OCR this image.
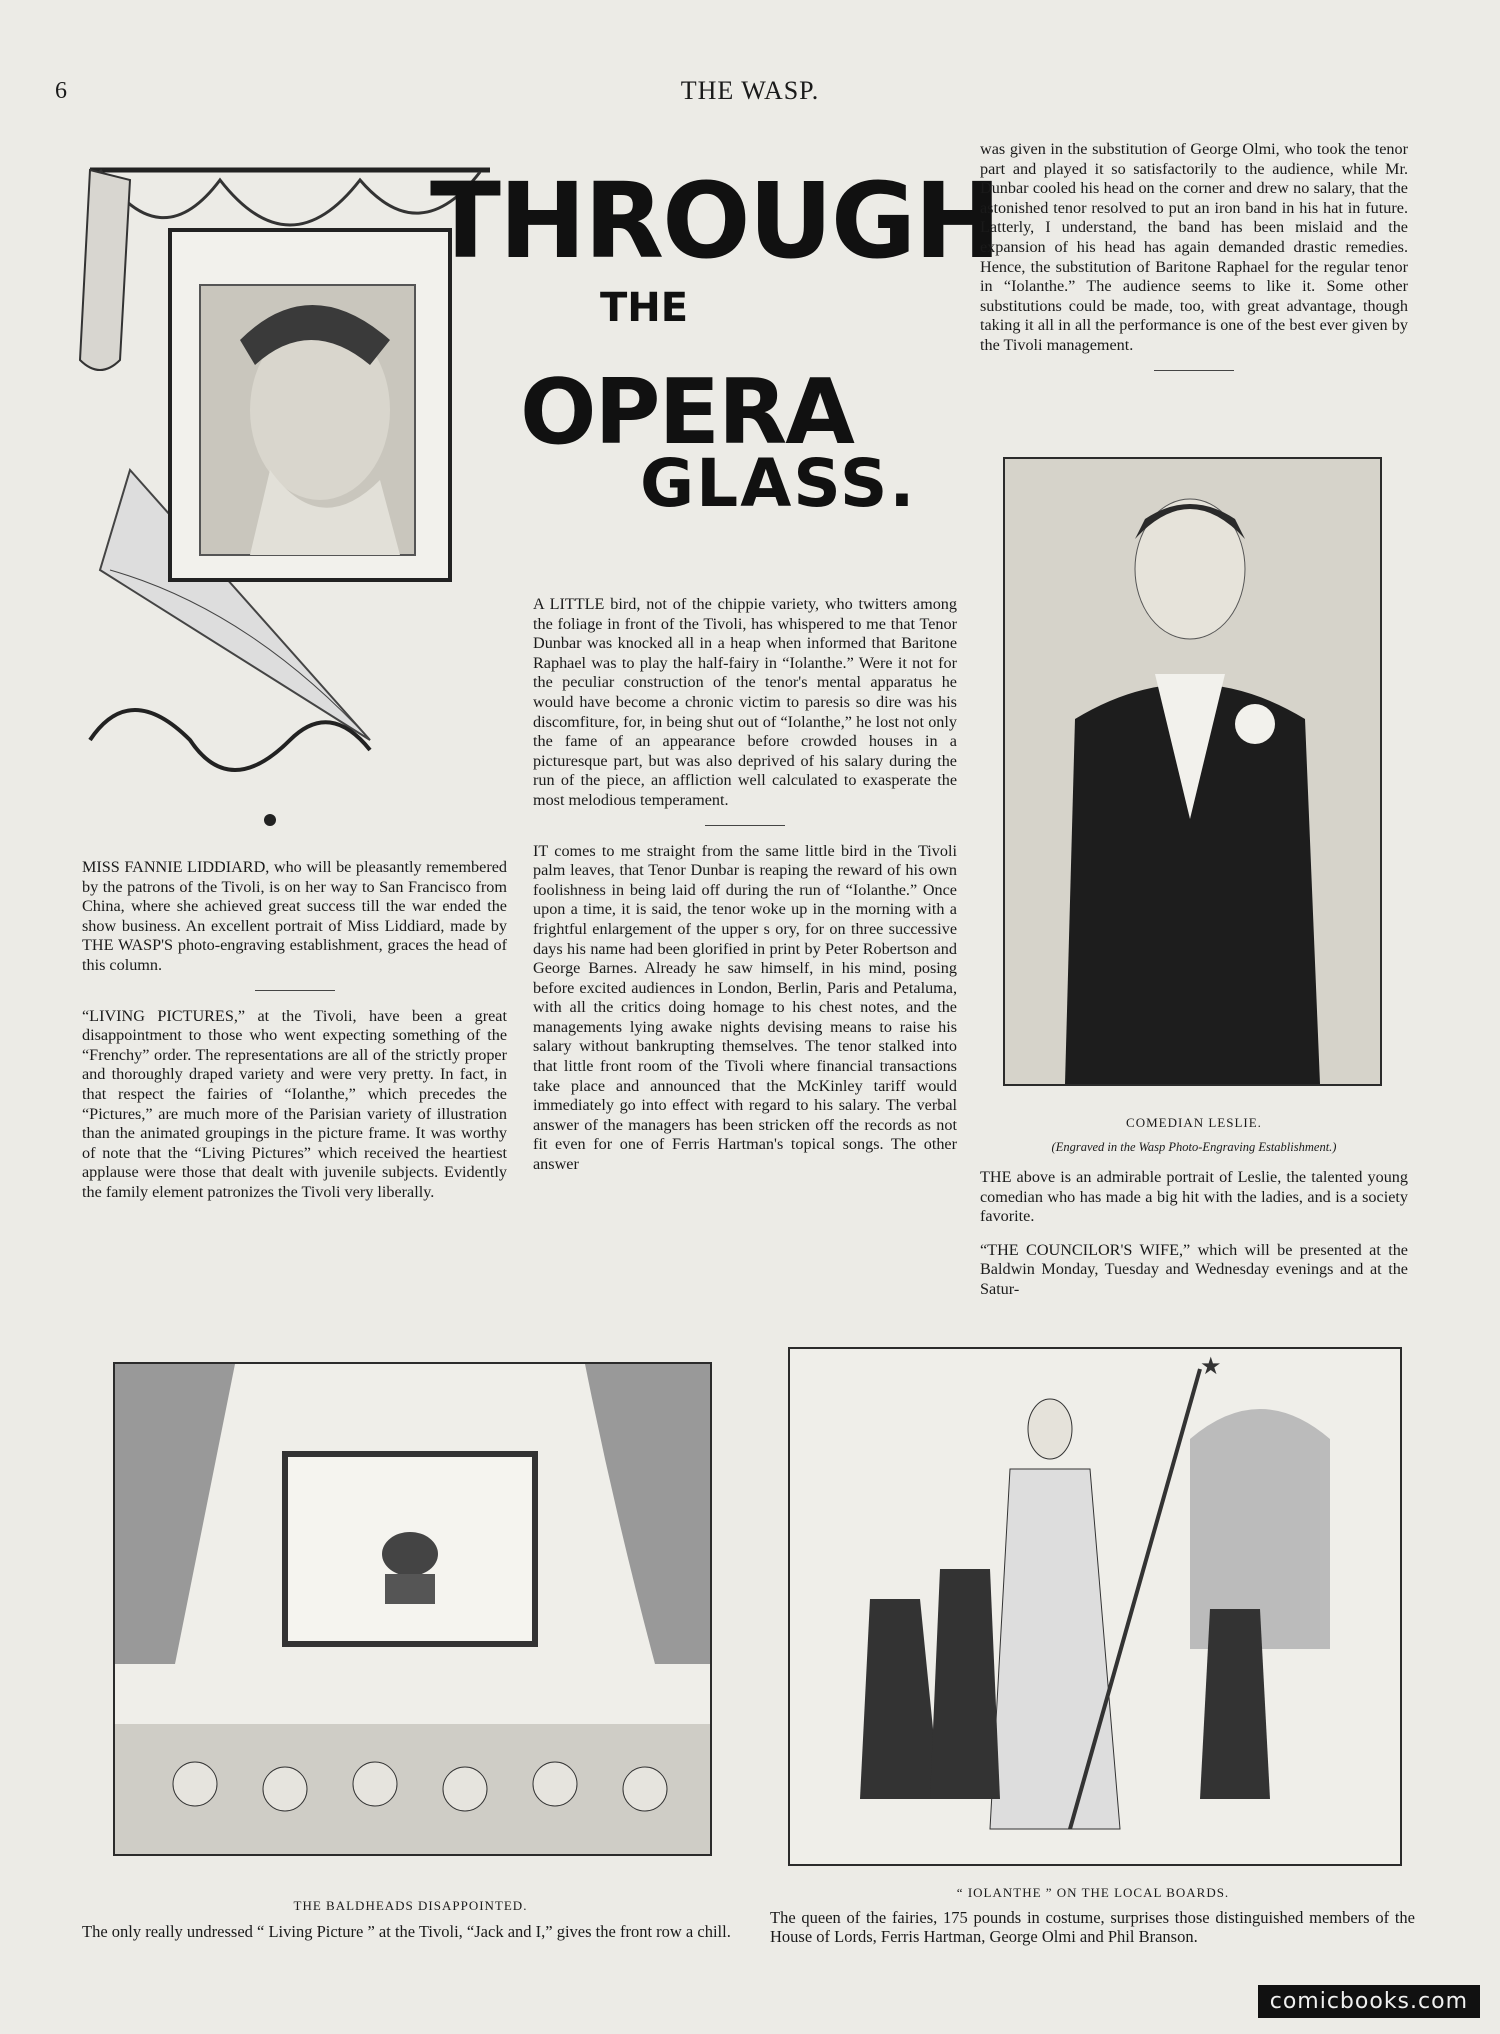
6	THE WASP.
THROUGH
THE
OPERA
GLASS.

MISS FANNIE LIDDIARD, who will be pleasantly remembered by the patrons of the Tivoli, is on her way to San Francisco from China, where she achieved great success till the war ended the show business. An excellent portrait of Miss Liddiard, made by THE WASP'S photo-engraving establishment, graces the head of this column.

“LIVING PICTURES,” at the Tivoli, have been a great disappointment to those who went expecting something of the “Frenchy” order. The representations are all of the strictly proper and thoroughly draped variety and were very pretty. In fact, in that respect the fairies of “Iolanthe,” which precedes the “Pictures,” are much more of the Parisian variety of illustration than the animated groupings in the picture frame. It was worthy of note that the “Living Pictures” which received the heartiest applause were those that dealt with juvenile subjects. Evidently the family element patronizes the Tivoli very liberally.

A LITTLE bird, not of the chippie variety, who twitters among the foliage in front of the Tivoli, has whispered to me that Tenor Dunbar was knocked all in a heap when informed that Baritone Raphael was to play the half-fairy in “Iolanthe.” Were it not for the peculiar construction of the tenor's mental apparatus he would have become a chronic victim to paresis so dire was his discomfiture, for, in being shut out of “Iolanthe,” he lost not only the fame of an appearance before crowded houses in a picturesque part, but was also deprived of his salary during the run of the piece, an affliction well calculated to exasperate the most melodious temperament.

IT comes to me straight from the same little bird in the Tivoli palm leaves, that Tenor Dunbar is reaping the reward of his own foolishness in being laid off during the run of “Iolanthe.” Once upon a time, it is said, the tenor woke up in the morning with a frightful enlargement of the upper s ory, for on three successive days his name had been glorified in print by Peter Robertson and George Barnes. Already he saw himself, in his mind, posing before excited audiences in London, Berlin, Paris and Petaluma, with all the critics doing homage to his chest notes, and the managements lying awake nights devising means to raise his salary without bankrupting themselves. The tenor stalked into that little front room of the Tivoli where financial transactions take place and announced that the McKinley tariff would immediately go into effect with regard to his salary. The verbal answer of the managers has been stricken off the records as not fit even for one of Ferris Hartman's topical songs. The other answer

was given in the substitution of George Olmi, who took the tenor part and played it so satisfactorily to the audience, while Mr. Dunbar cooled his head on the corner and drew no salary, that the astonished tenor resolved to put an iron band in his hat in future. Latterly, I understand, the band has been mislaid and the expansion of his head has again demanded drastic remedies. Hence, the substitution of Baritone Raphael for the regular tenor in “Iolanthe.” The audience seems to like it. Some other substitutions could be made, too, with great advantage, though taking it all in all the performance is one of the best ever given by the Tivoli management.

COMEDIAN LESLIE.
(Engraved in the Wasp Photo-Engraving Establishment.)

THE above is an admirable portrait of Leslie, the talented young comedian who has made a big hit with the ladies, and is a society favorite.

“THE COUNCILOR'S WIFE,” which will be presented at the Baldwin Monday, Tuesday and Wednesday evenings and at the Satur-

★
THE BALDHEADS DISAPPOINTED.
The only really undressed “ Living Picture ” at the Tivoli, “Jack and I,” gives the front row a chill.
“ IOLANTHE ” ON THE LOCAL BOARDS.
The queen of the fairies, 175 pounds in costume, surprises those distinguished members of the House of Lords, Ferris Hartman, George Olmi and Phil Branson.
comicbooks.com
